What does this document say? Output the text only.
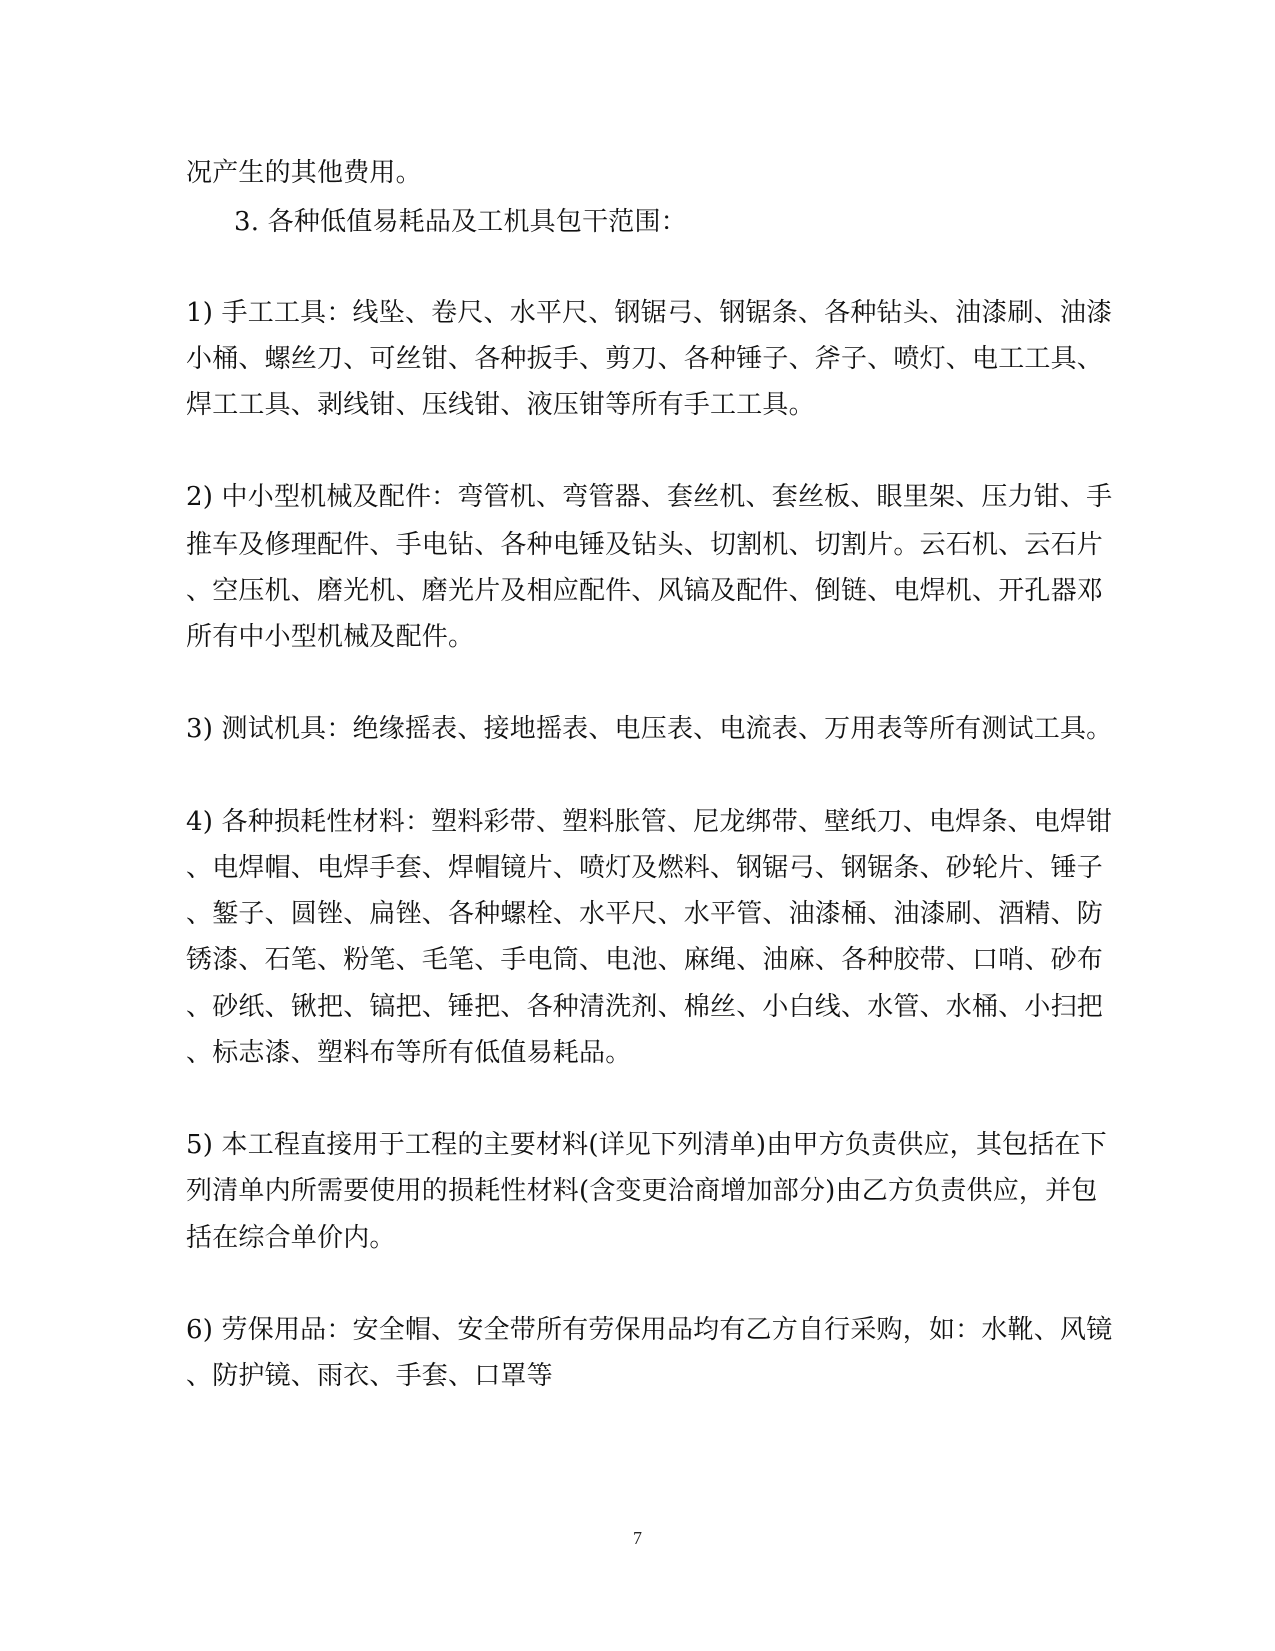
况产生的其他费用。
3. 各种低值易耗品及工机具包干范围：
1) 手工工具：线坠、卷尺、水平尺、钢锯弓、钢锯条、各种钻头、油漆刷、油漆
小桶、螺丝刀、可丝钳、各种扳手、剪刀、各种锤子、斧子、喷灯、电工工具、
焊工工具、剥线钳、压线钳、液压钳等所有手工工具。
2) 中小型机械及配件：弯管机、弯管器、套丝机、套丝板、眼里架、压力钳、手
推车及修理配件、手电钻、各种电锤及钻头、切割机、切割片。云石机、云石片
、空压机、磨光机、磨光片及相应配件、风镐及配件、倒链、电焊机、开孔器邓
所有中小型机械及配件。
3) 测试机具：绝缘摇表、接地摇表、电压表、电流表、万用表等所有测试工具。
4) 各种损耗性材料：塑料彩带、塑料胀管、尼龙绑带、壁纸刀、电焊条、电焊钳
、电焊帽、电焊手套、焊帽镜片、喷灯及燃料、钢锯弓、钢锯条、砂轮片、锤子
、錾子、圆锉、扁锉、各种螺栓、水平尺、水平管、油漆桶、油漆刷、酒精、防
锈漆、石笔、粉笔、毛笔、手电筒、电池、麻绳、油麻、各种胶带、口哨、砂布
、砂纸、锹把、镐把、锤把、各种清洗剂、棉丝、小白线、水管、水桶、小扫把
、标志漆、塑料布等所有低值易耗品。
5) 本工程直接用于工程的主要材料(详见下列清单)由甲方负责供应，其包括在下
列清单内所需要使用的损耗性材料(含变更洽商增加部分)由乙方负责供应，并包
括在综合单价内。
6) 劳保用品：安全帽、安全带所有劳保用品均有乙方自行采购，如：水靴、风镜
、防护镜、雨衣、手套、口罩等
7
